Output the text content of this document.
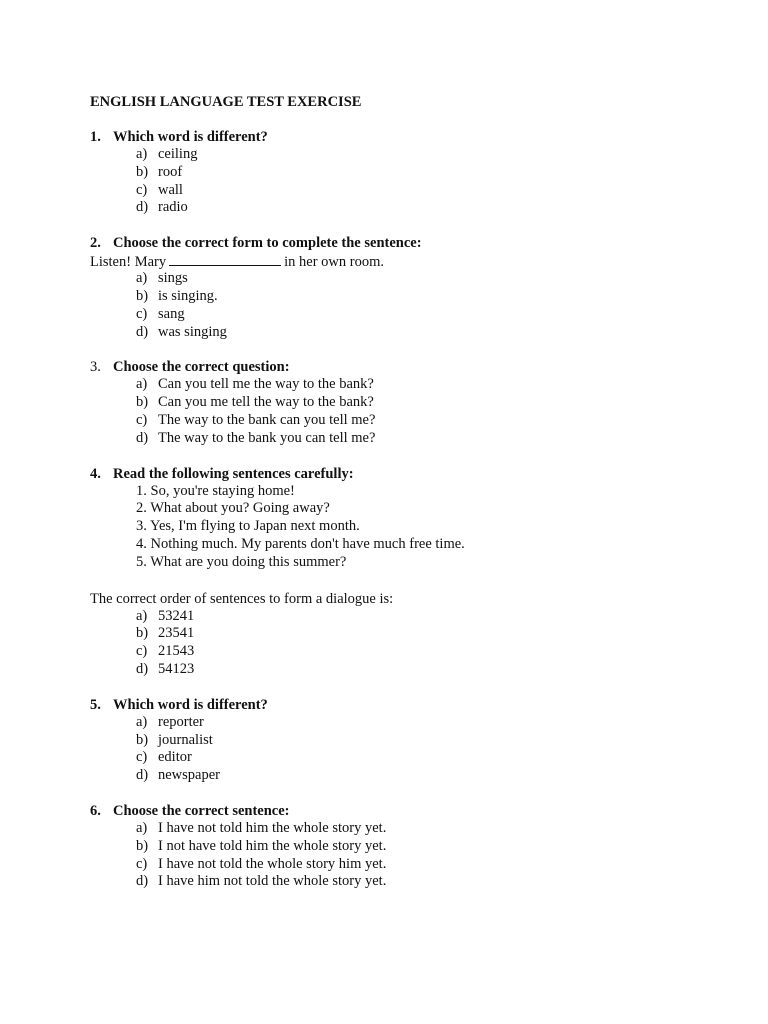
ENGLISH LANGUAGE TEST EXERCISE
1. Which word is different?
a) ceiling
b) roof
c) wall
d) radio
2. Choose the correct form to complete the sentence:
Listen! Mary	in her own room.
a) sings
b) is singing.
c) sang
d) was singing
3. Choose the correct question:
a) Can you tell me the way to the bank?
b) Can you me tell the way to the bank?
c) The way to the bank can you tell me?
d) The way to the bank you can tell me?
4. Read the following sentences carefully:
1. So, you're staying home!
2. What about you? Going away?
3. Yes, I'm flying to Japan next month.
4. Nothing much. My parents don't have much free time.
5. What are you doing this summer?
The correct order of sentences to form a dialogue is:
a) 53241
b) 23541
c) 21543
d) 54123
5. Which word is different?
a) reporter
b) journalist
c) editor
d) newspaper
6. Choose the correct sentence:
a) I have not told him the whole story yet.
b) I not have told him the whole story yet.
c) I have not told the whole story him yet.
d) I have him not told the whole story yet.
